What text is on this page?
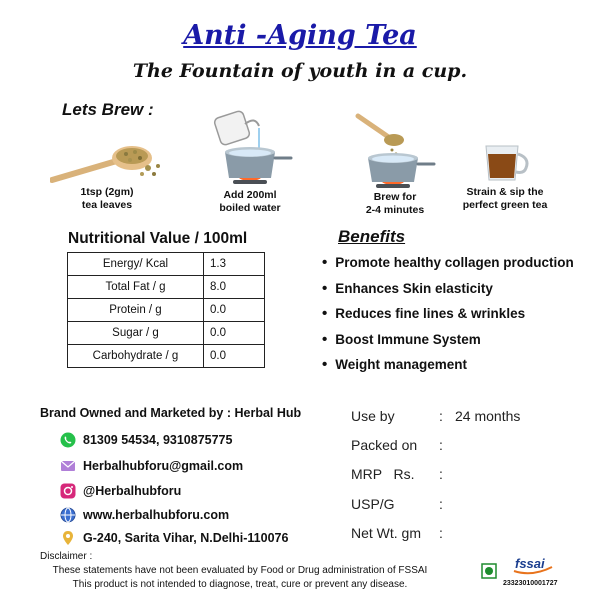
Anti -Aging Tea
The Fountain of youth in a cup.
Lets Brew :
1tsp (2gm)
tea leaves
Add 200ml
boiled water
Brew for
2-4 minutes
Strain & sip the
perfect green tea
Nutritional Value / 100ml
Energy/ Kcal	1.3
Total Fat / g	8.0
Protein / g	0.0
Sugar / g	0.0
Carbohydrate / g	0.0
Benefits
• Promote healthy collagen production
• Enhances Skin elasticity
• Reduces fine lines & wrinkles
• Boost Immune System
• Weight management
Brand Owned and Marketed by : Herbal Hub
81309 54534, 9310875775
Herbalhubforu@gmail.com
@Herbalhubforu
www.herbalhubforu.com
G-240, Sarita Vihar, N.Delhi-110076
Use by	: 24 months
Packed on :
MRP   Rs. :
USP/G	:
Net Wt. gm :
Disclaimer :
These statements have not been evaluated by Food or Drug administration of FSSAI
This product is not intended to diagnose, treat, cure or prevent any disease.
fssai
23323010001727
